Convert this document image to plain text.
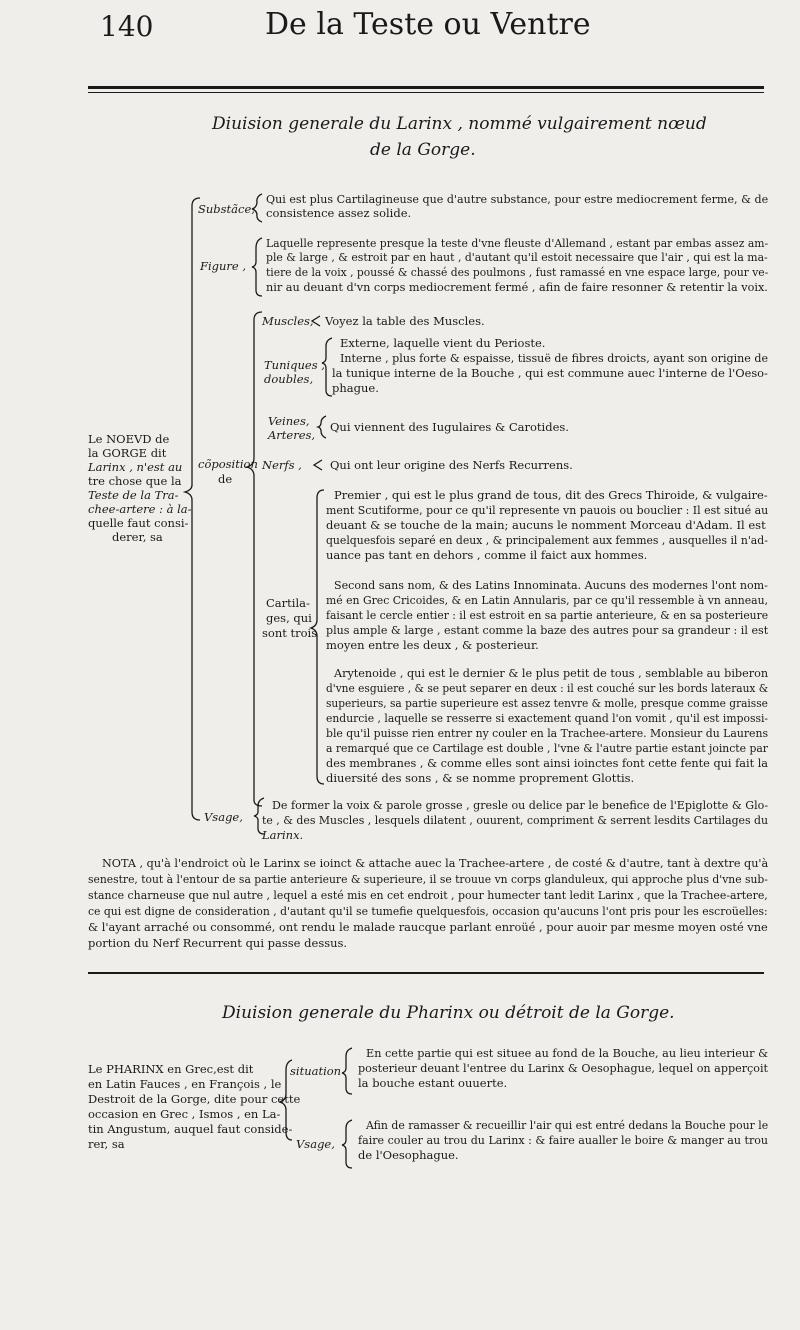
140	De la Teste ou Ventre
Diuision generale du Larinx , nommé vulgairement nœud
de la Gorge.
Le NOEVD de
la GORGE dit
Larinx , n'est au
tre chose que la
Teste de la Tra-
chee-artere : à la-
quelle faut consi-
derer, sa
Substãce,
Qui est plus Cartilagineuse que d'autre substance, pour estre mediocrement ferme, & de
consistence assez solide.
Figure ,
Laquelle represente presque la teste d'vne fleuste d'Allemand , estant par embas assez am-
ple & large , & estroit par en haut , d'autant qu'il estoit necessaire que l'air , qui est la ma-
tiere de la voix , poussé & chassé des poulmons , fust ramassé en vne espace large, pour ve-
nir au deuant d'vn corps mediocrement fermé , afin de faire resonner & retentir la voix.
cõposition
de
Muscles, Voyez la table des Muscles.
Tuniques ,
doubles,
Externe, laquelle vient du Perioste.
Interne , plus forte & espaisse, tissuë de fibres droicts, ayant son origine de
la tunique interne de la Bouche , qui est commune auec l'interne de l'Oeso-
phague.
Veines,
Arteres,
Qui viennent des Iugulaires & Carotides.
Nerfs , Qui ont leur origine des Nerfs Recurrens.
Cartila-
ges, qui
sont trois
Premier , qui est le plus grand de tous, dit des Grecs Thiroide, & vulgaire-
ment Scutiforme, pour ce qu'il represente vn pauois ou bouclier : Il est situé au
deuant & se touche de la main; aucuns le nomment Morceau d'Adam. Il est
quelquesfois separé en deux , & principalement aux femmes , ausquelles il n'ad-
uance pas tant en dehors , comme il faict aux hommes.
Second sans nom, & des Latins Innominata. Aucuns des modernes l'ont nom-
mé en Grec Cricoides, & en Latin Annularis, par ce qu'il ressemble à vn anneau,
faisant le cercle entier : il est estroit en sa partie anterieure, & en sa posterieure
plus ample & large , estant comme la baze des autres pour sa grandeur : il est
moyen entre les deux , & posterieur.
Arytenoide , qui est le dernier & le plus petit de tous , semblable au biberon
d'vne esguiere , & se peut separer en deux : il est couché sur les bords lateraux &
superieurs, sa partie superieure est assez tenvre & molle, presque comme graisse
endurcie , laquelle se resserre si exactement quand l'on vomit , qu'il est impossi-
ble qu'il puisse rien entrer ny couler en la Trachee-artere. Monsieur du Laurens
a remarqué que ce Cartilage est double , l'vne & l'autre partie estant joincte par
des membranes , & comme elles sont ainsi ioinctes font cette fente qui fait la
diuersité des sons , & se nomme proprement Glottis.
Vsage,
De former la voix & parole grosse , gresle ou delice par le benefice de l'Epiglotte & Glo-
te , & des Muscles , lesquels dilatent , ouurent, compriment & serrent lesdits Cartilages du
Larinx.
NOTA , qu'à l'endroict où le Larinx se ioinct & attache auec la Trachee-artere , de costé & d'autre, tant à dextre qu'à
senestre, tout à l'entour de sa partie anterieure & superieure, il se trouue vn corps glanduleux, qui approche plus d'vne sub-
stance charneuse que nul autre , lequel a esté mis en cet endroit , pour humecter tant ledit Larinx , que la Trachee-artere,
ce qui est digne de consideration , d'autant qu'il se tumefie quelquesfois, occasion qu'aucuns l'ont pris pour les escroüelles:
& l'ayant arraché ou consommé, ont rendu le malade raucque parlant enroüé , pour auoir par mesme moyen osté vne
portion du Nerf Recurrent qui passe dessus.
Diuision generale du Pharinx ou détroit de la Gorge.
Le PHARINX en Grec,est dit
en Latin Fauces , en François , le
Destroit de la Gorge, dite pour cette
occasion en Grec , Ismos , en La-
tin Angustum, auquel faut conside-
rer, sa
situation
En cette partie qui est situee au fond de la Bouche, au lieu interieur &
posterieur deuant l'entree du Larinx & Oesophague, lequel on apperçoit
la bouche estant ouuerte.
Vsage,
Afin de ramasser & recueillir l'air qui est entré dedans la Bouche pour le
faire couler au trou du Larinx : & faire aualler le boire & manger au trou
de l'Oesophague.
